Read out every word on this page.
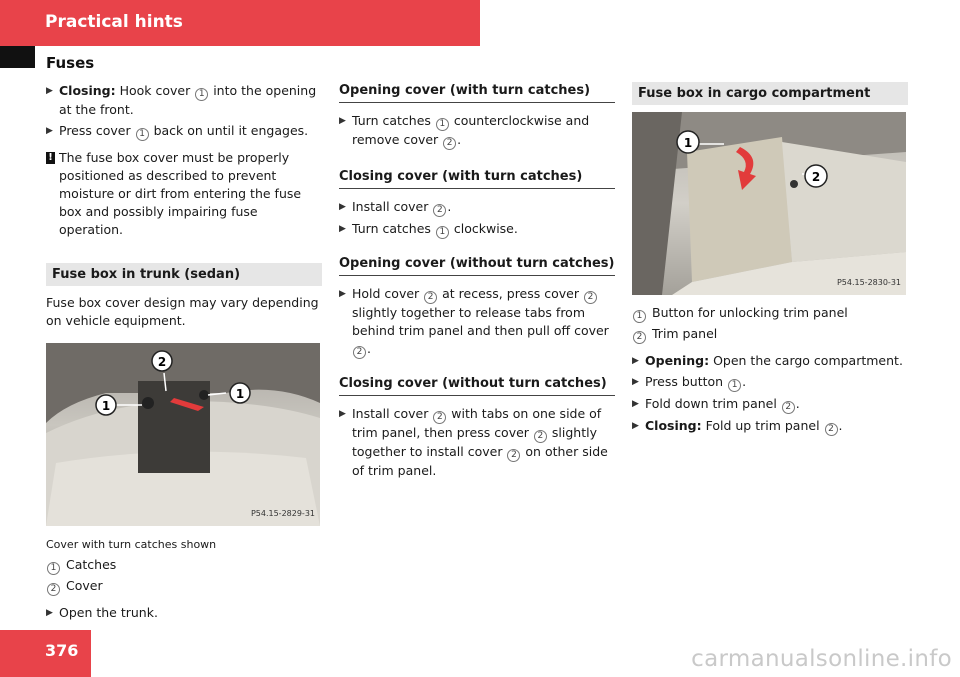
Practical hints
Fuses
▶ Closing: Hook cover 1 into the opening at the front.
▶ Press cover 1 back on until it engages.
! The fuse box cover must be properly positioned as described to prevent moisture or dirt from entering the fuse box and possibly impairing fuse operation.
Fuse box in trunk (sedan)
Fuse box cover design may vary depending on vehicle equipment.
1
1
2
P54.15-2829-31
Cover with turn catches shown
1 Catches
2 Cover
▶ Open the trunk.
Opening cover (with turn catches)
▶ Turn catches 1 counterclockwise and remove cover 2 .
Closing cover (with turn catches)
▶ Install cover 2 .
▶ Turn catches 1 clockwise.
Opening cover (without turn catches)
▶ Hold cover 2 at recess, press cover 2 slightly together to release tabs from behind trim panel and then pull off cover 2 .
Closing cover (without turn catches)
▶ Install cover 2 with tabs on one side of trim panel, then press cover 2 slightly together to install cover 2 on other side of trim panel.
Fuse box in cargo compartment
1
2
P54.15-2830-31
1 Button for unlocking trim panel
2 Trim panel
▶ Opening: Open the cargo compartment.
▶ Press button 1 .
▶ Fold down trim panel 2 .
▶ Closing: Fold up trim panel 2 .
376	carmanualsonline.info
